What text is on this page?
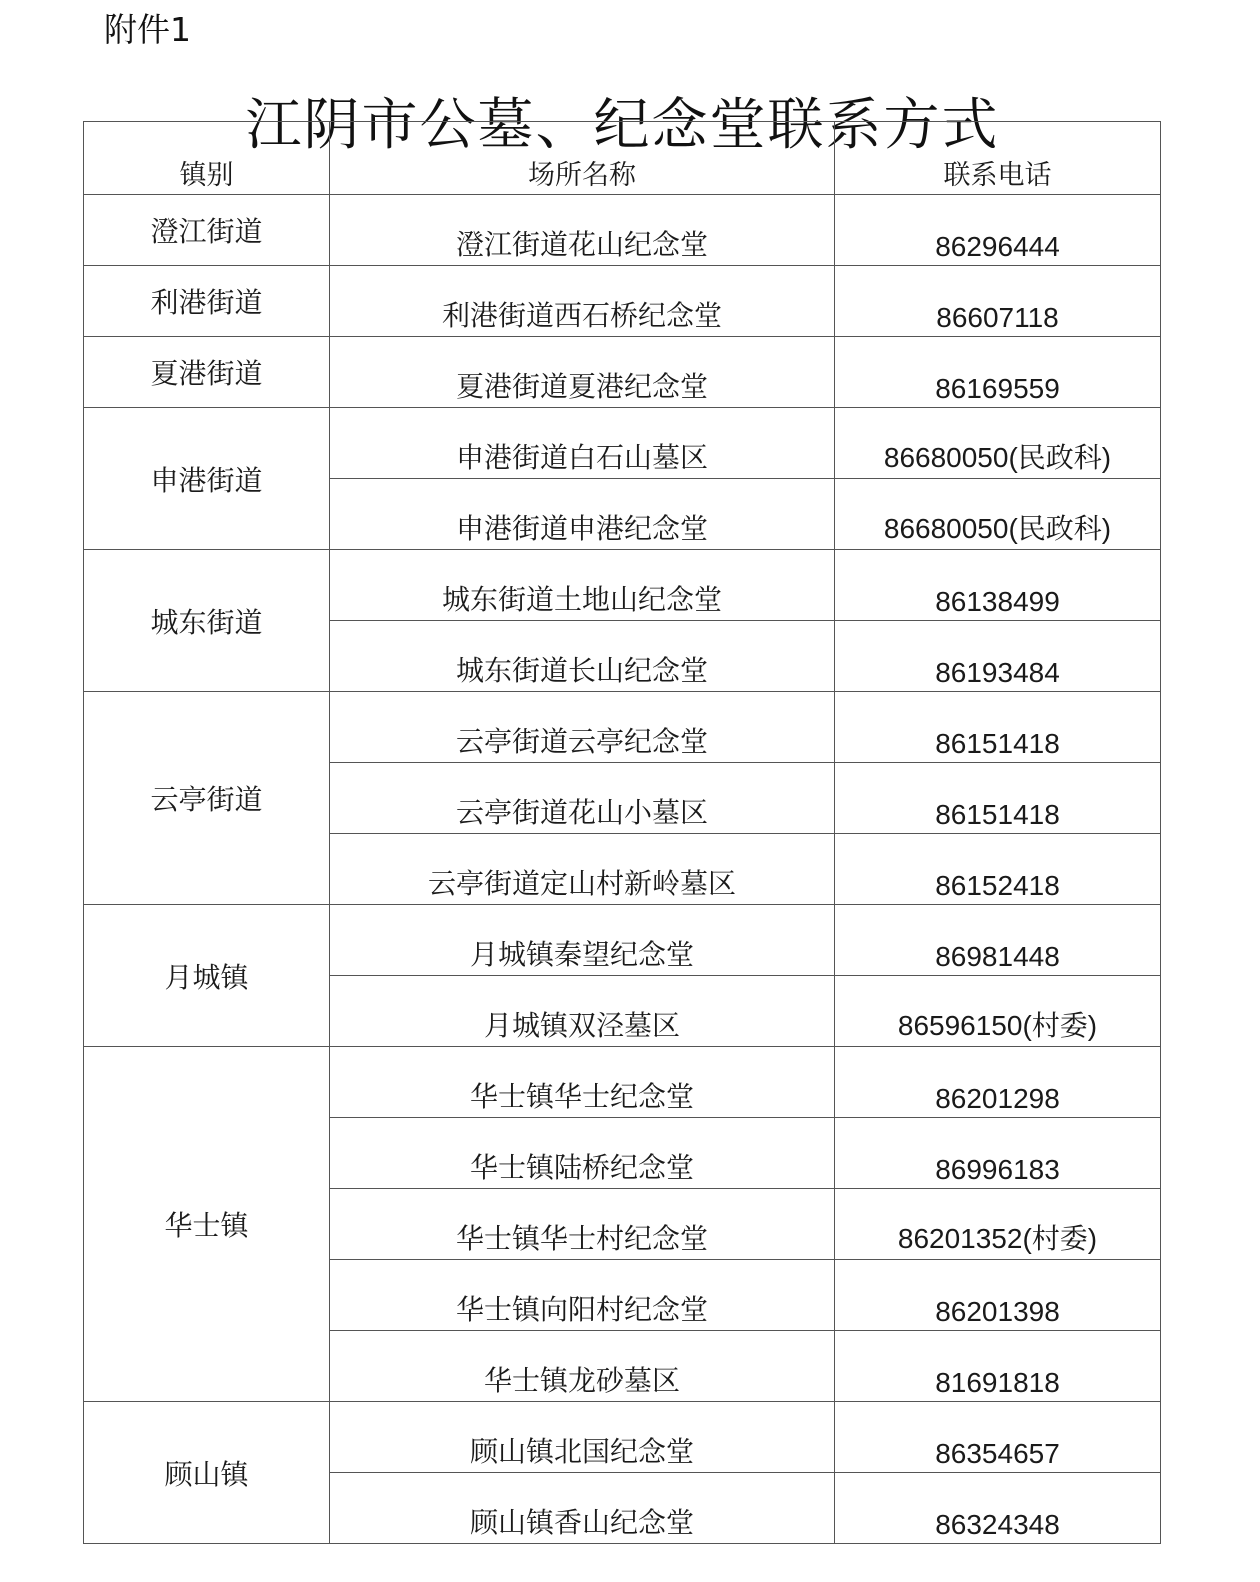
附件1
江阴市公墓、纪念堂联系方式
镇别	场所名称	联系电话
澄江街道	澄江街道花山纪念堂	86296444
利港街道	利港街道西石桥纪念堂	86607118
夏港街道	夏港街道夏港纪念堂	86169559
申港街道	申港街道白石山墓区	86680050(民政科)
	申港街道申港纪念堂	86680050(民政科)
城东街道	城东街道土地山纪念堂	86138499
	城东街道长山纪念堂	86193484
云亭街道	云亭街道云亭纪念堂	86151418
	云亭街道花山小墓区	86151418
	云亭街道定山村新岭墓区	86152418
月城镇	月城镇秦望纪念堂	86981448
	月城镇双泾墓区	86596150(村委)
华士镇	华士镇华士纪念堂	86201298
	华士镇陆桥纪念堂	86996183
	华士镇华士村纪念堂	86201352(村委)
	华士镇向阳村纪念堂	86201398
	华士镇龙砂墓区	81691818
顾山镇	顾山镇北国纪念堂	86354657
	顾山镇香山纪念堂	86324348
